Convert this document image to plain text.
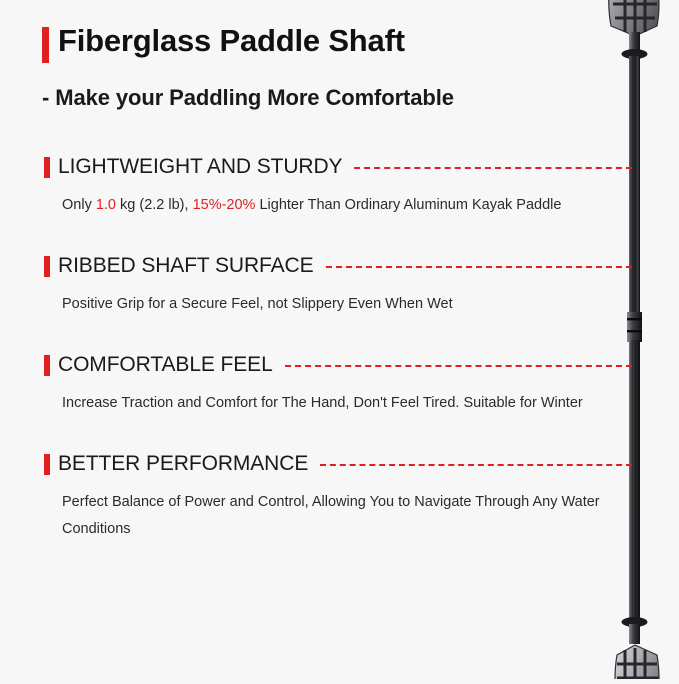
Fiberglass Paddle Shaft
- Make your Paddling More Comfortable
LIGHTWEIGHT AND STURDY
Only 1.0 kg (2.2 lb), 15%-20% Lighter Than Ordinary Aluminum Kayak Paddle
RIBBED SHAFT SURFACE
Positive Grip for a Secure Feel, not Slippery Even When Wet
COMFORTABLE FEEL
Increase Traction and Comfort for The Hand, Don't Feel Tired. Suitable for Winter
BETTER PERFORMANCE
Perfect Balance of Power and Control, Allowing You to Navigate Through Any Water Conditions
